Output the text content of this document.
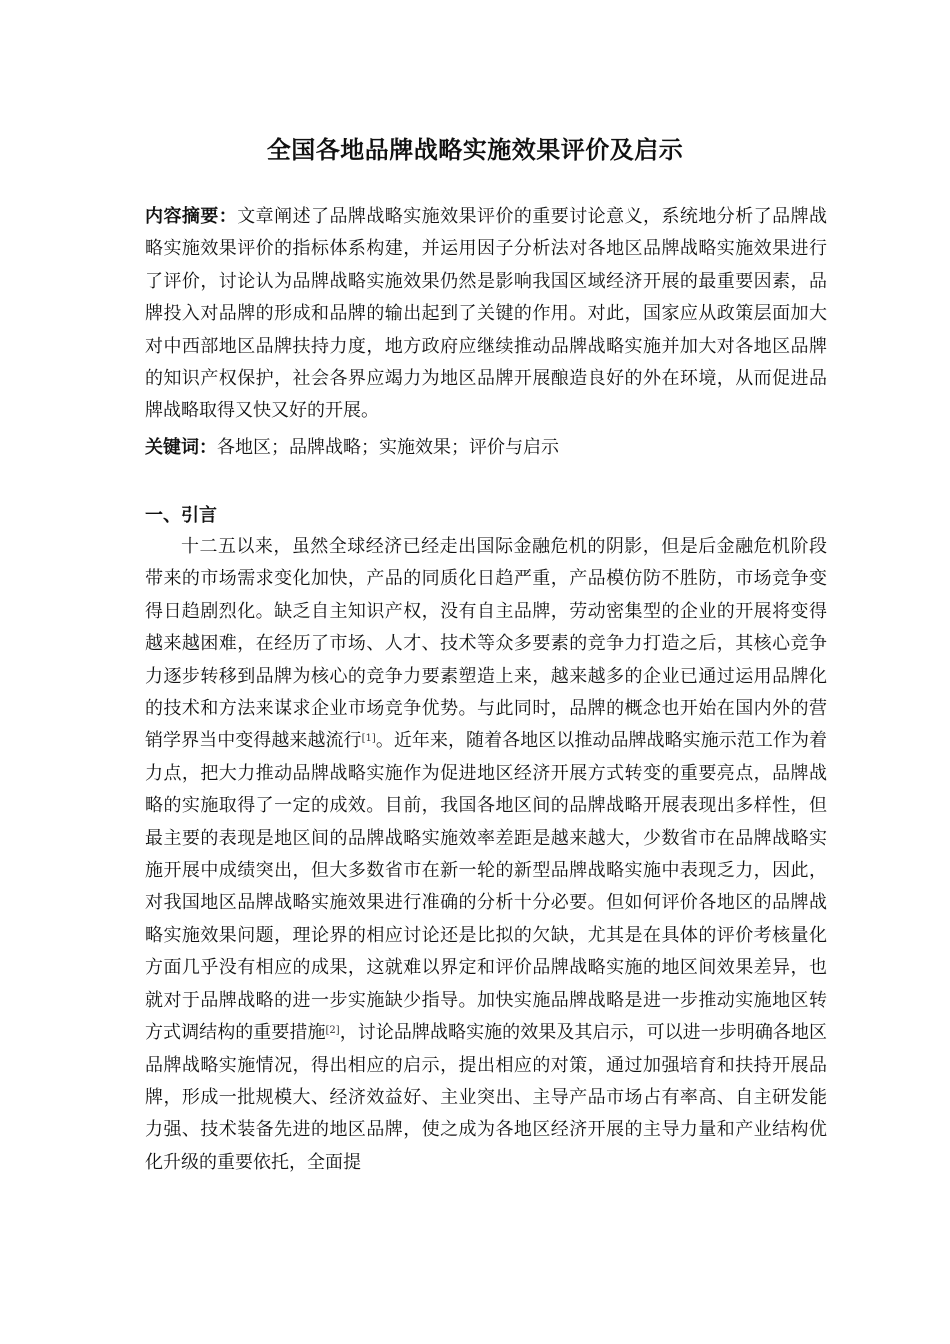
全国各地品牌战略实施效果评价及启示
内容摘要：文章阐述了品牌战略实施效果评价的重要讨论意义，系统地分析了品牌战略实施效果评价的指标体系构建，并运用因子分析法对各地区品牌战略实施效果进行了评价，讨论认为品牌战略实施效果仍然是影响我国区域经济开展的最重要因素，品牌投入对品牌的形成和品牌的输出起到了关键的作用。对此，国家应从政策层面加大对中西部地区品牌扶持力度，地方政府应继续推动品牌战略实施并加大对各地区品牌的知识产权保护，社会各界应竭力为地区品牌开展酿造良好的外在环境，从而促进品牌战略取得又快又好的开展。
关键词：各地区；品牌战略；实施效果；评价与启示
一、引言
十二五以来，虽然全球经济已经走出国际金融危机的阴影，但是后金融危机阶段带来的市场需求变化加快，产品的同质化日趋严重，产品模仿防不胜防，市场竞争变得日趋剧烈化。缺乏自主知识产权，没有自主品牌，劳动密集型的企业的开展将变得越来越困难，在经历了市场、人才、技术等众多要素的竞争力打造之后，其核心竞争力逐步转移到品牌为核心的竞争力要素塑造上来，越来越多的企业已通过运用品牌化的技术和方法来谋求企业市场竞争优势。与此同时，品牌的概念也开始在国内外的营销学界当中变得越来越流行[1]。近年来，随着各地区以推动品牌战略实施示范工作为着力点，把大力推动品牌战略实施作为促进地区经济开展方式转变的重要亮点，品牌战略的实施取得了一定的成效。目前，我国各地区间的品牌战略开展表现出多样性，但最主要的表现是地区间的品牌战略实施效率差距是越来越大，少数省市在品牌战略实施开展中成绩突出，但大多数省市在新一轮的新型品牌战略实施中表现乏力，因此，对我国地区品牌战略实施效果进行准确的分析十分必要。但如何评价各地区的品牌战略实施效果问题，理论界的相应讨论还是比拟的欠缺，尤其是在具体的评价考核量化方面几乎没有相应的成果，这就难以界定和评价品牌战略实施的地区间效果差异，也就对于品牌战略的进一步实施缺少指导。加快实施品牌战略是进一步推动实施地区转方式调结构的重要措施[2]，讨论品牌战略实施的效果及其启示，可以进一步明确各地区品牌战略实施情况，得出相应的启示，提出相应的对策，通过加强培育和扶持开展品牌，形成一批规模大、经济效益好、主业突出、主导产品市场占有率高、自主研发能力强、技术装备先进的地区品牌，使之成为各地区经济开展的主导力量和产业结构优化升级的重要依托，全面提
